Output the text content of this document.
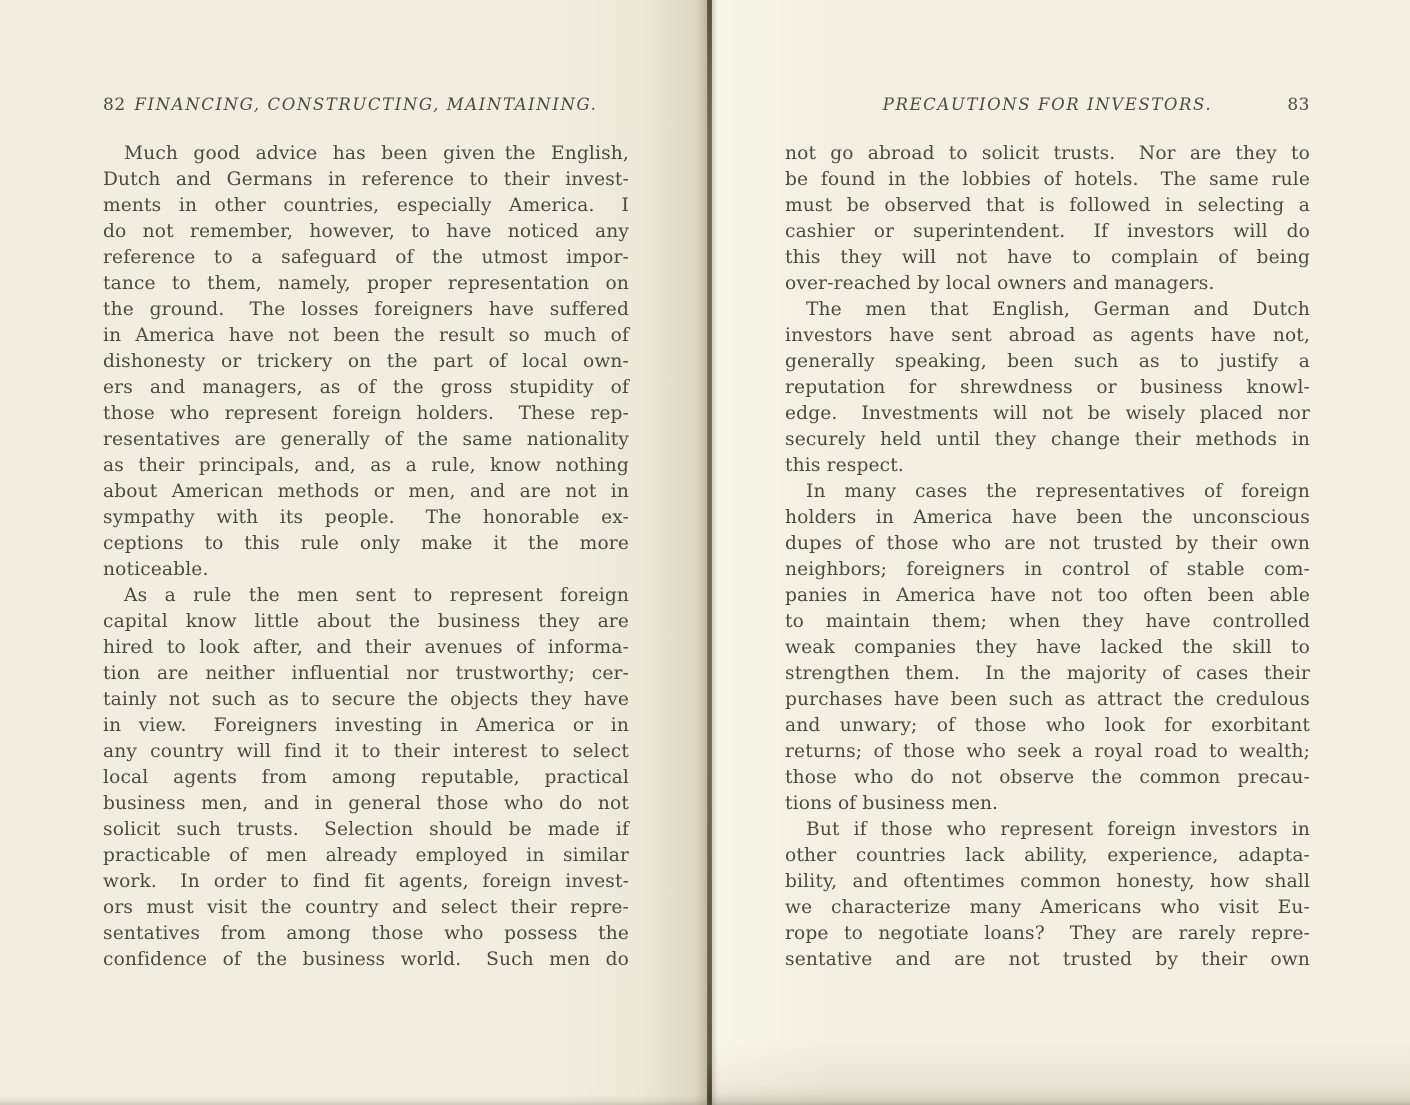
82 FINANCING, CONSTRUCTING, MAINTAINING.
Much good advice has been given the English,
Dutch and Germans in reference to their invest-
ments in other countries, especially America.  I
do not remember, however, to have noticed any
reference to a safeguard of the utmost impor-
tance to them, namely, proper representation on
the ground.  The losses foreigners have suffered
in America have not been the result so much of
dishonesty or trickery on the part of local own-
ers and managers, as of the gross stupidity of
those who represent foreign holders.  These rep-
resentatives are generally of the same nationality
as their principals, and, as a rule, know nothing
about American methods or men, and are not in
sympathy with its people.  The honorable ex-
ceptions to this rule only make it the more
noticeable.
As a rule the men sent to represent foreign
capital know little about the business they are
hired to look after, and their avenues of informa-
tion are neither influential nor trustworthy; cer-
tainly not such as to secure the objects they have
in view.  Foreigners investing in America or in
any country will find it to their interest to select
local agents from among reputable, practical
business men, and in general those who do not
solicit such trusts.  Selection should be made if
practicable of men already employed in similar
work.  In order to find fit agents, foreign invest-
ors must visit the country and select their repre-
sentatives from among those who possess the
confidence of the business world.  Such men do
PRECAUTIONS FOR INVESTORS.	83
not go abroad to solicit trusts.  Nor are they to
be found in the lobbies of hotels.  The same rule
must be observed that is followed in selecting a
cashier or superintendent.  If investors will do
this they will not have to complain of being
over-reached by local owners and managers.
The men that English, German and Dutch
investors have sent abroad as agents have not,
generally speaking, been such as to justify a
reputation for shrewdness or business knowl-
edge.  Investments will not be wisely placed nor
securely held until they change their methods in
this respect.
In many cases the representatives of foreign
holders in America have been the unconscious
dupes of those who are not trusted by their own
neighbors; foreigners in control of stable com-
panies in America have not too often been able
to maintain them; when they have controlled
weak companies they have lacked the skill to
strengthen them.  In the majority of cases their
purchases have been such as attract the credulous
and unwary; of those who look for exorbitant
returns; of those who seek a royal road to wealth;
those who do not observe the common precau-
tions of business men.
But if those who represent foreign investors in
other countries lack ability, experience, adapta-
bility, and oftentimes common honesty, how shall
we characterize many Americans who visit Eu-
rope to negotiate loans?  They are rarely repre-
sentative and are not trusted by their own
